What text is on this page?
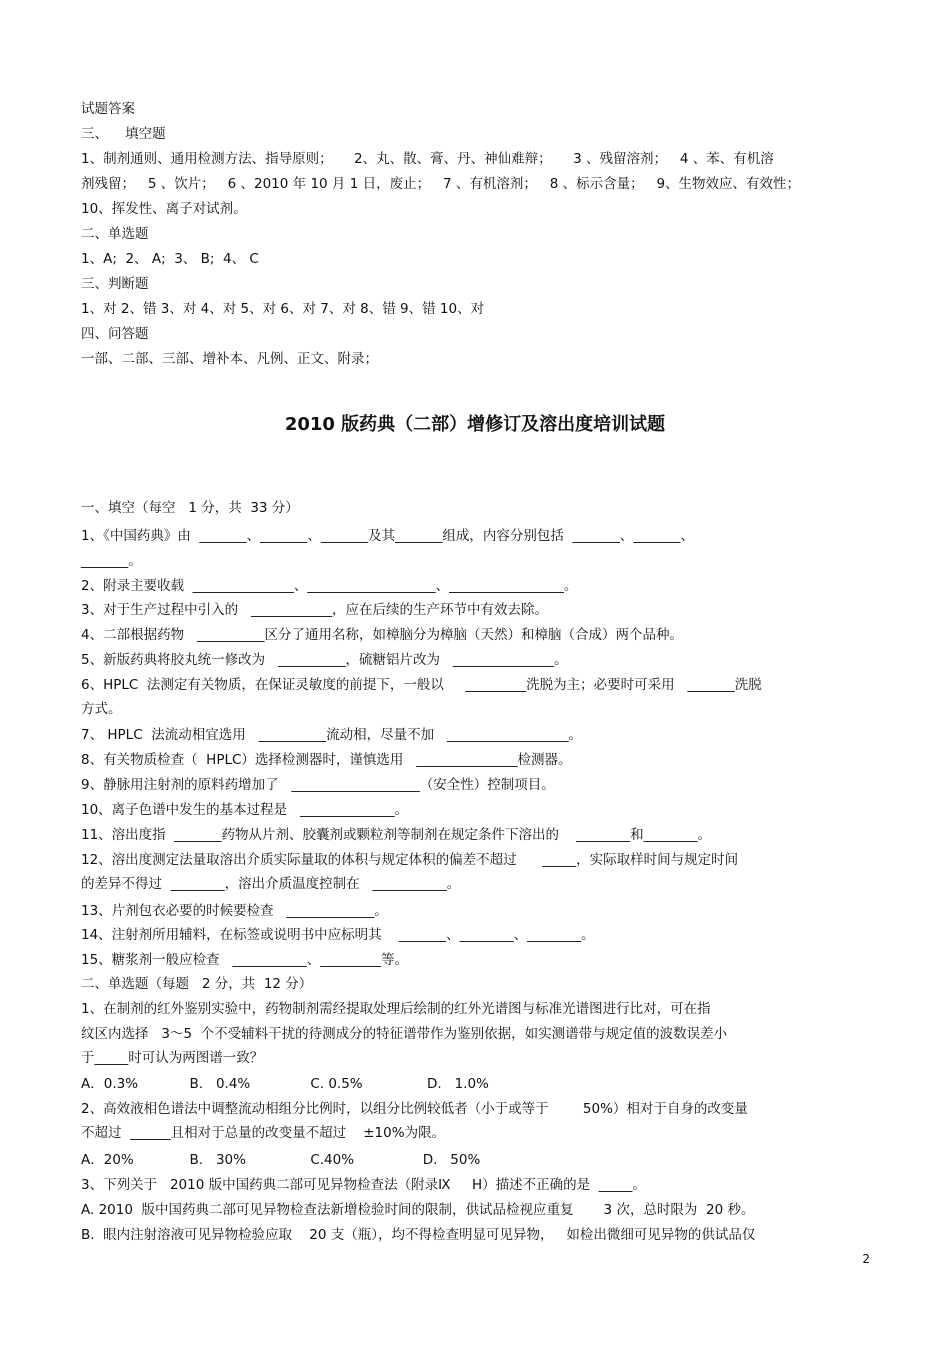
试题答案
三、    填空题
1、制剂通则、通用检测方法、指导原则；     2、丸、散、膏、丹、神仙难辩；     3 、残留溶剂；   4 、苯、有机溶
剂残留；   5 、饮片；   6 、2010 年 10 月 1 日，废止；   7 、有机溶剂；   8 、标示含量；   9、生物效应、有效性；
10、挥发性、离子对试剂。
二、单选题
1、A;  2、 A;  3、 B;  4、 C
三、判断题
1、对 2、错 3、对 4、对 5、对 6、对 7、对 8、错 9、错 10、对
四、问答题
一部、二部、三部、增补本、凡例、正文、附录；
2010 版药典（二部）增修订及溶出度培训试题
一、填空（每空   1 分，共  33 分）
1、《中国药典》由  _______、_______、_______及其_______组成，内容分别包括  _______、_______、
_______。
2、附录主要收载  _______________、___________________、_________________。
3、对于生产过程中引入的   ____________，应在后续的生产环节中有效去除。
4、二部根据药物   __________区分了通用名称，如樟脑分为樟脑（天然）和樟脑（合成）两个品种。
5、新版药典将胶丸统一修改为   __________，硫糖铝片改为   _______________。
6、HPLC  法测定有关物质，在保证灵敏度的前提下，一般以     _________洗脱为主；必要时可采用   _______洗脱
方式。
7、 HPLC  法流动相宜选用   __________流动相，尽量不加   __________________。
8、有关物质检查（  HPLC）选择检测器时，谨慎选用   _______________检测器。
9、静脉用注射剂的原料药增加了   ___________________（安全性）控制项目。
10、离子色谱中发生的基本过程是   ______________。
11、溶出度指  _______药物从片剂、胶囊剂或颗粒剂等制剂在规定条件下溶出的    ________和________。
12、溶出度测定法量取溶出介质实际量取的体积与规定体积的偏差不超过      _____，实际取样时间与规定时间
的差异不得过  ________，溶出介质温度控制在   ___________。
13、片剂包衣必要的时候要检查   _____________。
14、注射剂所用辅料，在标签或说明书中应标明其    _______、________、________。
15、糖浆剂一般应检查   ___________、_________等。
二、单选题（每题   2 分，共  12 分）
1、在制剂的红外鉴别实验中，药物制剂需经提取处理后绘制的红外光谱图与标准光谱图进行比对，可在指
纹区内选择   3～5  个不受辅料干扰的待测成分的特征谱带作为鉴别依据，如实测谱带与规定值的波数误差小
于_____时可认为两图谱一致？
A．0.3%            B.   0.4%              C. 0.5%               D.   1.0%
2、高效液相色谱法中调整流动相组分比例时，以组分比例较低者（小于或等于        50%）相对于自身的改变量
不超过  ______且相对于总量的改变量不超过    ±10%为限。
A．20%             B.   30%               C.40%                D.   50%
3、下列关于   2010 版中国药典二部可见异物检查法（附录Ⅸ     H）描述不正确的是  _____。
A. 2010  版中国药典二部可见异物检查法新增检验时间的限制，供试品检视应重复       3 次，总时限为  20 秒。
B.  眼内注射溶液可见异物检验应取    20 支（瓶），均不得检查明显可见异物，   如检出微细可见异物的供试品仅
2
